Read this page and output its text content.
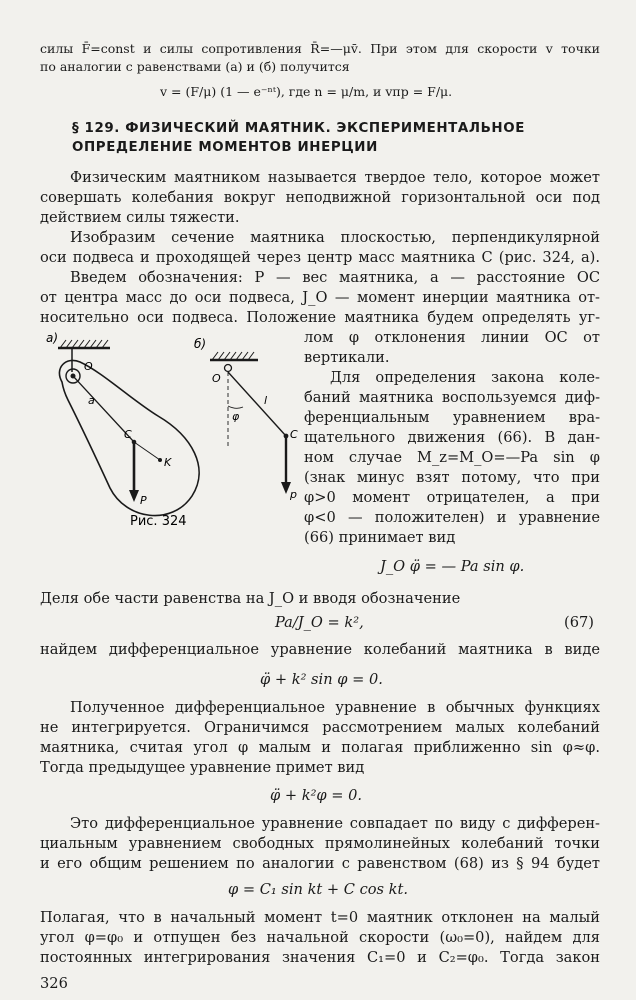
силы F̄=const и силы сопротивления R̄=—μv̄. При этом для скорости v точки

по аналогии с равенствами (а) и (б) получится

v = (F/μ) (1 — e⁻ⁿᵗ), где n = μ/m, и vпр = F/μ.

§ 129. ФИЗИЧЕСКИЙ МАЯТНИК. ЭКСПЕРИМЕНТАЛЬНОЕ

ОПРЕДЕЛЕНИЕ МОМЕНТОВ ИНЕРЦИИ

Физическим маятником называется твердое тело, которое может

совершать колебания вокруг неподвижной горизонтальной оси под

действием силы тяжести.

Изобразим сечение маятника плоскостью, перпендикулярной

оси подвеса и проходящей через центр масс маятника C (рис. 324, а).

Введем обозначения: P — вес маятника, a — расстояние OC

от центра масс до оси подвеса, J_O — момент инерции маятника от-

носительно оси подвеса. Положение маятника будем определять уг-

лом φ отклонения линии OC от

вертикали.

Для определения закона коле-

баний маятника воспользуемся диф-

ференциальным уравнением вра-

щательного движения (66). В дан-

ном случае M_z=M_O=—Pa sin φ

(знак минус взят потому, что при

φ>0 момент отрицателен, а при

φ<0 — положителен) и уравнение

(66) принимает вид

J_O φ̈ = — Pa sin φ.

а)
O
a
C
K
P
б)
O
φ
l
C
p
Рис. 324

Деля обе части равенства на J_O и вводя обозначение

Pa/J_O = k²,	(67)

найдем дифференциальное уравнение колебаний маятника в виде

φ̈ + k² sin φ = 0.

Полученное дифференциальное уравнение в обычных функциях

не интегрируется. Ограничимся рассмотрением малых колебаний

маятника, считая угол φ малым и полагая приближенно sin φ≈φ.

Тогда предыдущее уравнение примет вид

φ̈ + k²φ = 0.

Это дифференциальное уравнение совпадает по виду с дифферен-

циальным уравнением свободных прямолинейных колебаний точки

и его общим решением по аналогии с равенством (68) из § 94 будет

φ = C₁ sin kt + C cos kt.

Полагая, что в начальный момент t=0 маятник отклонен на малый

угол φ=φ₀ и отпущен без начальной скорости (ω₀=0), найдем для

постоянных интегрирования значения C₁=0 и C₂=φ₀. Тогда закон

326
